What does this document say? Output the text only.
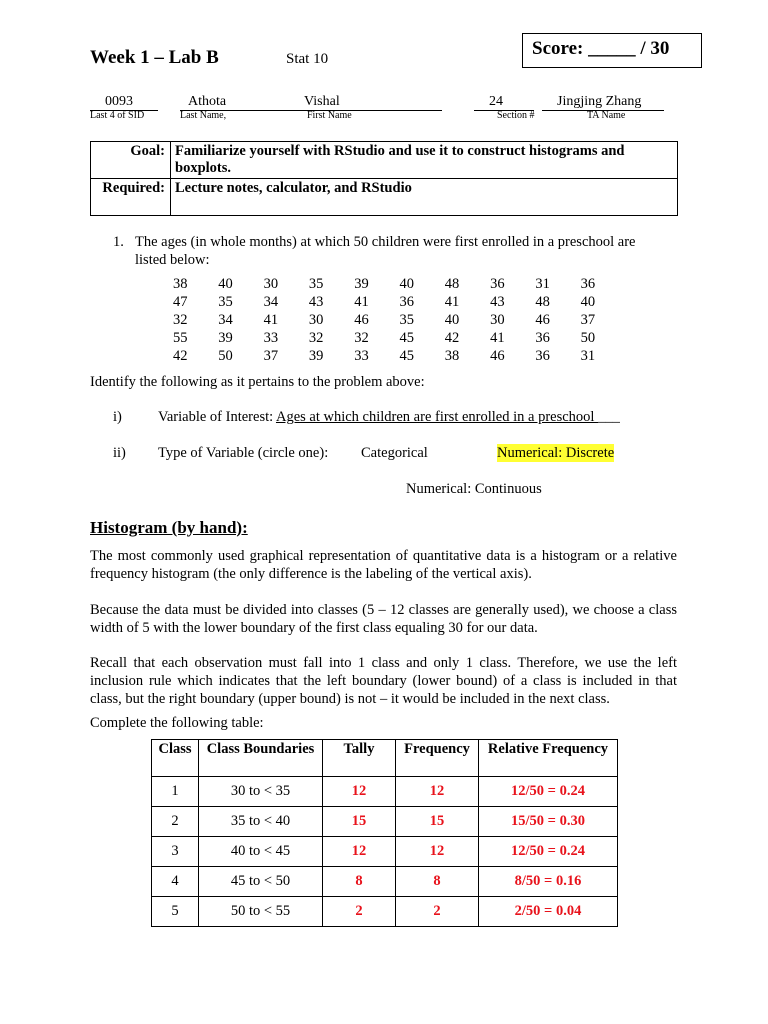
Week 1 – Lab B	Stat 10	Score: _____ / 30
0093
Last 4 of SID
Athota	Vishal
Last Name,	First Name
24
Section #
Jingjing Zhang
TA Name
Goal:	Familiarize yourself with RStudio and use it to construct histograms and boxplots.
Required:	Lecture notes, calculator, and RStudio
1. The ages (in whole months) at which 50 children were first enrolled in a preschool are listed below:
38	40	30	35	39	40	48	36	31	36
47	35	34	43	41	36	41	43	48	40
32	34	41	30	46	35	40	30	46	37
55	39	33	32	32	45	42	41	36	50
42	50	37	39	33	45	38	46	36	31
Identify the following as it pertains to the problem above:
i) Variable of Interest: Ages at which children are first enrolled in a preschool ___
ii) Type of Variable (circle one): Categorical	Numerical: Discrete
Numerical: Continuous
Histogram (by hand):
The most commonly used graphical representation of quantitative data is a histogram or a relative frequency histogram (the only difference is the labeling of the vertical axis).
Because the data must be divided into classes (5 – 12 classes are generally used), we choose a class width of 5 with the lower boundary of the first class equaling 30 for our data.
Recall that each observation must fall into 1 class and only 1 class. Therefore, we use the left inclusion rule which indicates that the left boundary (lower bound) of a class is included in that class, but the right boundary (upper bound) is not – it would be included in the next class.
Complete the following table:
Class	Class Boundaries	Tally	Frequency	Relative Frequency
1	30 to < 35	12	12	12/50 = 0.24
2	35 to < 40	15	15	15/50 = 0.30
3	40 to < 45	12	12	12/50 = 0.24
4	45 to < 50	8	8	8/50 = 0.16
5	50 to < 55	2	2	2/50 = 0.04
